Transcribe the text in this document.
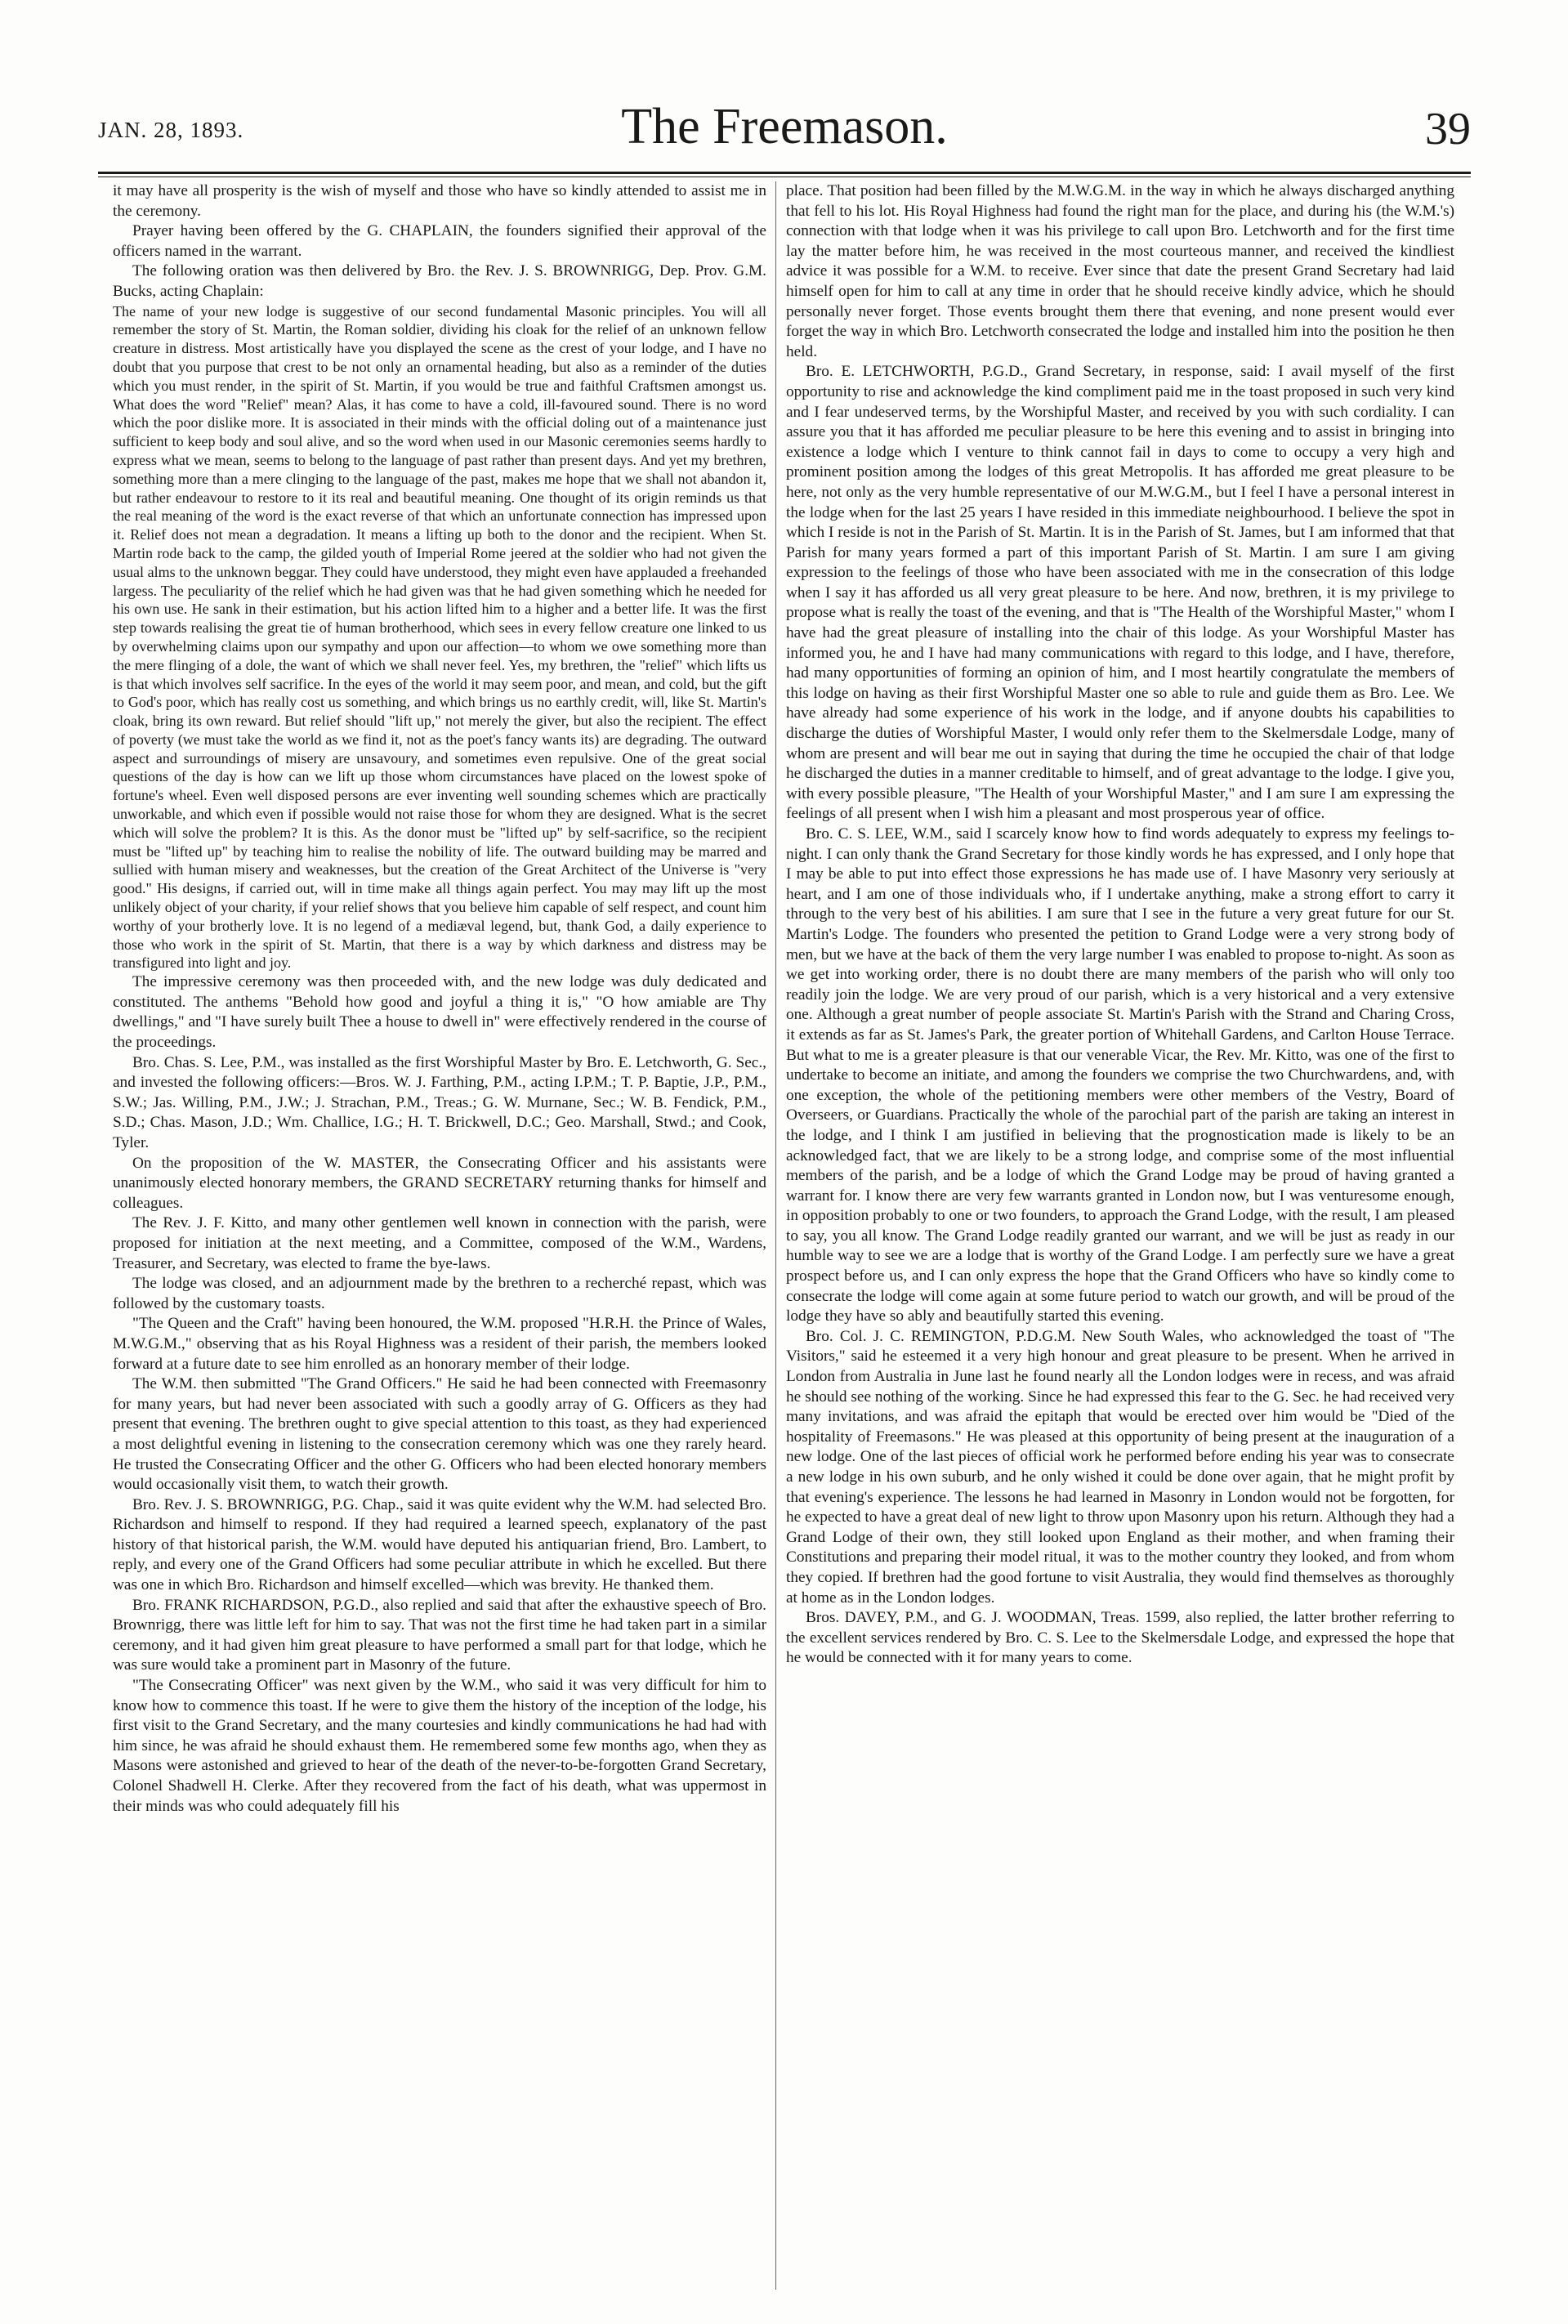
JAN. 28, 1893.	The Freemason.	39

it may have all prosperity is the wish of myself and those who have so kindly attended to assist me in the ceremony.

Prayer having been offered by the G. CHAPLAIN, the founders signified their approval of the officers named in the warrant.

The following oration was then delivered by Bro. the Rev. J. S. BROWNRIGG, Dep. Prov. G.M. Bucks, acting Chaplain:

The name of your new lodge is suggestive of our second fundamental Masonic principles. You will all remember the story of St. Martin, the Roman soldier, dividing his cloak for the relief of an unknown fellow creature in distress. Most artistically have you displayed the scene as the crest of your lodge, and I have no doubt that you purpose that crest to be not only an ornamental heading, but also as a reminder of the duties which you must render, in the spirit of St. Martin, if you would be true and faithful Craftsmen amongst us. What does the word "Relief" mean? Alas, it has come to have a cold, ill-favoured sound. There is no word which the poor dislike more. It is associated in their minds with the official doling out of a maintenance just sufficient to keep body and soul alive, and so the word when used in our Masonic ceremonies seems hardly to express what we mean, seems to belong to the language of past rather than present days. And yet my brethren, something more than a mere clinging to the language of the past, makes me hope that we shall not abandon it, but rather endeavour to restore to it its real and beautiful meaning. One thought of its origin reminds us that the real meaning of the word is the exact reverse of that which an unfortunate connection has impressed upon it. Relief does not mean a degradation. It means a lifting up both to the donor and the recipient. When St. Martin rode back to the camp, the gilded youth of Imperial Rome jeered at the soldier who had not given the usual alms to the unknown beggar. They could have understood, they might even have applauded a freehanded largess. The peculiarity of the relief which he had given was that he had given something which he needed for his own use. He sank in their estimation, but his action lifted him to a higher and a better life. It was the first step towards realising the great tie of human brotherhood, which sees in every fellow creature one linked to us by overwhelming claims upon our sympathy and upon our affection—to whom we owe something more than the mere flinging of a dole, the want of which we shall never feel. Yes, my brethren, the "relief" which lifts us is that which involves self sacrifice. In the eyes of the world it may seem poor, and mean, and cold, but the gift to God's poor, which has really cost us something, and which brings us no earthly credit, will, like St. Martin's cloak, bring its own reward. But relief should "lift up," not merely the giver, but also the recipient. The effect of poverty (we must take the world as we find it, not as the poet's fancy wants its) are degrading. The outward aspect and surroundings of misery are unsavoury, and sometimes even repulsive. One of the great social questions of the day is how can we lift up those whom circumstances have placed on the lowest spoke of fortune's wheel. Even well disposed persons are ever inventing well sounding schemes which are practically unworkable, and which even if possible would not raise those for whom they are designed. What is the secret which will solve the problem? It is this. As the donor must be "lifted up" by self-sacrifice, so the recipient must be "lifted up" by teaching him to realise the nobility of life. The outward building may be marred and sullied with human misery and weaknesses, but the creation of the Great Architect of the Universe is "very good." His designs, if carried out, will in time make all things again perfect. You may may lift up the most unlikely object of your charity, if your relief shows that you believe him capable of self respect, and count him worthy of your brotherly love. It is no legend of a mediæval legend, but, thank God, a daily experience to those who work in the spirit of St. Martin, that there is a way by which darkness and distress may be transfigured into light and joy.

The impressive ceremony was then proceeded with, and the new lodge was duly dedicated and constituted. The anthems "Behold how good and joyful a thing it is," "O how amiable are Thy dwellings," and "I have surely built Thee a house to dwell in" were effectively rendered in the course of the proceedings.

Bro. Chas. S. Lee, P.M., was installed as the first Worshipful Master by Bro. E. Letchworth, G. Sec., and invested the following officers:—Bros. W. J. Farthing, P.M., acting I.P.M.; T. P. Baptie, J.P., P.M., S.W.; Jas. Willing, P.M., J.W.; J. Strachan, P.M., Treas.; G. W. Murnane, Sec.; W. B. Fendick, P.M., S.D.; Chas. Mason, J.D.; Wm. Challice, I.G.; H. T. Brickwell, D.C.; Geo. Marshall, Stwd.; and Cook, Tyler.

On the proposition of the W. MASTER, the Consecrating Officer and his assistants were unanimously elected honorary members, the GRAND SECRETARY returning thanks for himself and colleagues.

The Rev. J. F. Kitto, and many other gentlemen well known in connection with the parish, were proposed for initiation at the next meeting, and a Committee, composed of the W.M., Wardens, Treasurer, and Secretary, was elected to frame the bye-laws.

The lodge was closed, and an adjournment made by the brethren to a recherché repast, which was followed by the customary toasts.

"The Queen and the Craft" having been honoured, the W.M. proposed "H.R.H. the Prince of Wales, M.W.G.M.," observing that as his Royal Highness was a resident of their parish, the members looked forward at a future date to see him enrolled as an honorary member of their lodge.

The W.M. then submitted "The Grand Officers." He said he had been connected with Freemasonry for many years, but had never been associated with such a goodly array of G. Officers as they had present that evening. The brethren ought to give special attention to this toast, as they had experienced a most delightful evening in listening to the consecration ceremony which was one they rarely heard. He trusted the Consecrating Officer and the other G. Officers who had been elected honorary members would occasionally visit them, to watch their growth.

Bro. Rev. J. S. BROWNRIGG, P.G. Chap., said it was quite evident why the W.M. had selected Bro. Richardson and himself to respond. If they had required a learned speech, explanatory of the past history of that historical parish, the W.M. would have deputed his antiquarian friend, Bro. Lambert, to reply, and every one of the Grand Officers had some peculiar attribute in which he excelled. But there was one in which Bro. Richardson and himself excelled—which was brevity. He thanked them.

Bro. FRANK RICHARDSON, P.G.D., also replied and said that after the exhaustive speech of Bro. Brownrigg, there was little left for him to say. That was not the first time he had taken part in a similar ceremony, and it had given him great pleasure to have performed a small part for that lodge, which he was sure would take a prominent part in Masonry of the future.

"The Consecrating Officer" was next given by the W.M., who said it was very difficult for him to know how to commence this toast. If he were to give them the history of the inception of the lodge, his first visit to the Grand Secretary, and the many courtesies and kindly communications he had had with him since, he was afraid he should exhaust them. He remembered some few months ago, when they as Masons were astonished and grieved to hear of the death of the never-to-be-forgotten Grand Secretary, Colonel Shadwell H. Clerke. After they recovered from the fact of his death, what was uppermost in their minds was who could adequately fill his

place. That position had been filled by the M.W.G.M. in the way in which he always discharged anything that fell to his lot. His Royal Highness had found the right man for the place, and during his (the W.M.'s) connection with that lodge when it was his privilege to call upon Bro. Letchworth and for the first time lay the matter before him, he was received in the most courteous manner, and received the kindliest advice it was possible for a W.M. to receive. Ever since that date the present Grand Secretary had laid himself open for him to call at any time in order that he should receive kindly advice, which he should personally never forget. Those events brought them there that evening, and none present would ever forget the way in which Bro. Letchworth consecrated the lodge and installed him into the position he then held.

Bro. E. LETCHWORTH, P.G.D., Grand Secretary, in response, said: I avail myself of the first opportunity to rise and acknowledge the kind compliment paid me in the toast proposed in such very kind and I fear undeserved terms, by the Worshipful Master, and received by you with such cordiality. I can assure you that it has afforded me peculiar pleasure to be here this evening and to assist in bringing into existence a lodge which I venture to think cannot fail in days to come to occupy a very high and prominent position among the lodges of this great Metropolis. It has afforded me great pleasure to be here, not only as the very humble representative of our M.W.G.M., but I feel I have a personal interest in the lodge when for the last 25 years I have resided in this immediate neighbourhood. I believe the spot in which I reside is not in the Parish of St. Martin. It is in the Parish of St. James, but I am informed that that Parish for many years formed a part of this important Parish of St. Martin. I am sure I am giving expression to the feelings of those who have been associated with me in the consecration of this lodge when I say it has afforded us all very great pleasure to be here. And now, brethren, it is my privilege to propose what is really the toast of the evening, and that is "The Health of the Worshipful Master," whom I have had the great pleasure of installing into the chair of this lodge. As your Worshipful Master has informed you, he and I have had many communications with regard to this lodge, and I have, therefore, had many opportunities of forming an opinion of him, and I most heartily congratulate the members of this lodge on having as their first Worshipful Master one so able to rule and guide them as Bro. Lee. We have already had some experience of his work in the lodge, and if anyone doubts his capabilities to discharge the duties of Worshipful Master, I would only refer them to the Skelmersdale Lodge, many of whom are present and will bear me out in saying that during the time he occupied the chair of that lodge he discharged the duties in a manner creditable to himself, and of great advantage to the lodge. I give you, with every possible pleasure, "The Health of your Worshipful Master," and I am sure I am expressing the feelings of all present when I wish him a pleasant and most prosperous year of office.

Bro. C. S. LEE, W.M., said I scarcely know how to find words adequately to express my feelings to-night. I can only thank the Grand Secretary for those kindly words he has expressed, and I only hope that I may be able to put into effect those expressions he has made use of. I have Masonry very seriously at heart, and I am one of those individuals who, if I undertake anything, make a strong effort to carry it through to the very best of his abilities. I am sure that I see in the future a very great future for our St. Martin's Lodge. The founders who presented the petition to Grand Lodge were a very strong body of men, but we have at the back of them the very large number I was enabled to propose to-night. As soon as we get into working order, there is no doubt there are many members of the parish who will only too readily join the lodge. We are very proud of our parish, which is a very historical and a very extensive one. Although a great number of people associate St. Martin's Parish with the Strand and Charing Cross, it extends as far as St. James's Park, the greater portion of Whitehall Gardens, and Carlton House Terrace. But what to me is a greater pleasure is that our venerable Vicar, the Rev. Mr. Kitto, was one of the first to undertake to become an initiate, and among the founders we comprise the two Churchwardens, and, with one exception, the whole of the petitioning members were other members of the Vestry, Board of Overseers, or Guardians. Practically the whole of the parochial part of the parish are taking an interest in the lodge, and I think I am justified in believing that the prognostication made is likely to be an acknowledged fact, that we are likely to be a strong lodge, and comprise some of the most influential members of the parish, and be a lodge of which the Grand Lodge may be proud of having granted a warrant for. I know there are very few warrants granted in London now, but I was venturesome enough, in opposition probably to one or two founders, to approach the Grand Lodge, with the result, I am pleased to say, you all know. The Grand Lodge readily granted our warrant, and we will be just as ready in our humble way to see we are a lodge that is worthy of the Grand Lodge. I am perfectly sure we have a great prospect before us, and I can only express the hope that the Grand Officers who have so kindly come to consecrate the lodge will come again at some future period to watch our growth, and will be proud of the lodge they have so ably and beautifully started this evening.

Bro. Col. J. C. REMINGTON, P.D.G.M. New South Wales, who acknowledged the toast of "The Visitors," said he esteemed it a very high honour and great pleasure to be present. When he arrived in London from Australia in June last he found nearly all the London lodges were in recess, and was afraid he should see nothing of the working. Since he had expressed this fear to the G. Sec. he had received very many invitations, and was afraid the epitaph that would be erected over him would be "Died of the hospitality of Freemasons." He was pleased at this opportunity of being present at the inauguration of a new lodge. One of the last pieces of official work he performed before ending his year was to consecrate a new lodge in his own suburb, and he only wished it could be done over again, that he might profit by that evening's experience. The lessons he had learned in Masonry in London would not be forgotten, for he expected to have a great deal of new light to throw upon Masonry upon his return. Although they had a Grand Lodge of their own, they still looked upon England as their mother, and when framing their Constitutions and preparing their model ritual, it was to the mother country they looked, and from whom they copied. If brethren had the good fortune to visit Australia, they would find themselves as thoroughly at home as in the London lodges.

Bros. DAVEY, P.M., and G. J. WOODMAN, Treas. 1599, also replied, the latter brother referring to the excellent services rendered by Bro. C. S. Lee to the Skelmersdale Lodge, and expressed the hope that he would be connected with it for many years to come.
